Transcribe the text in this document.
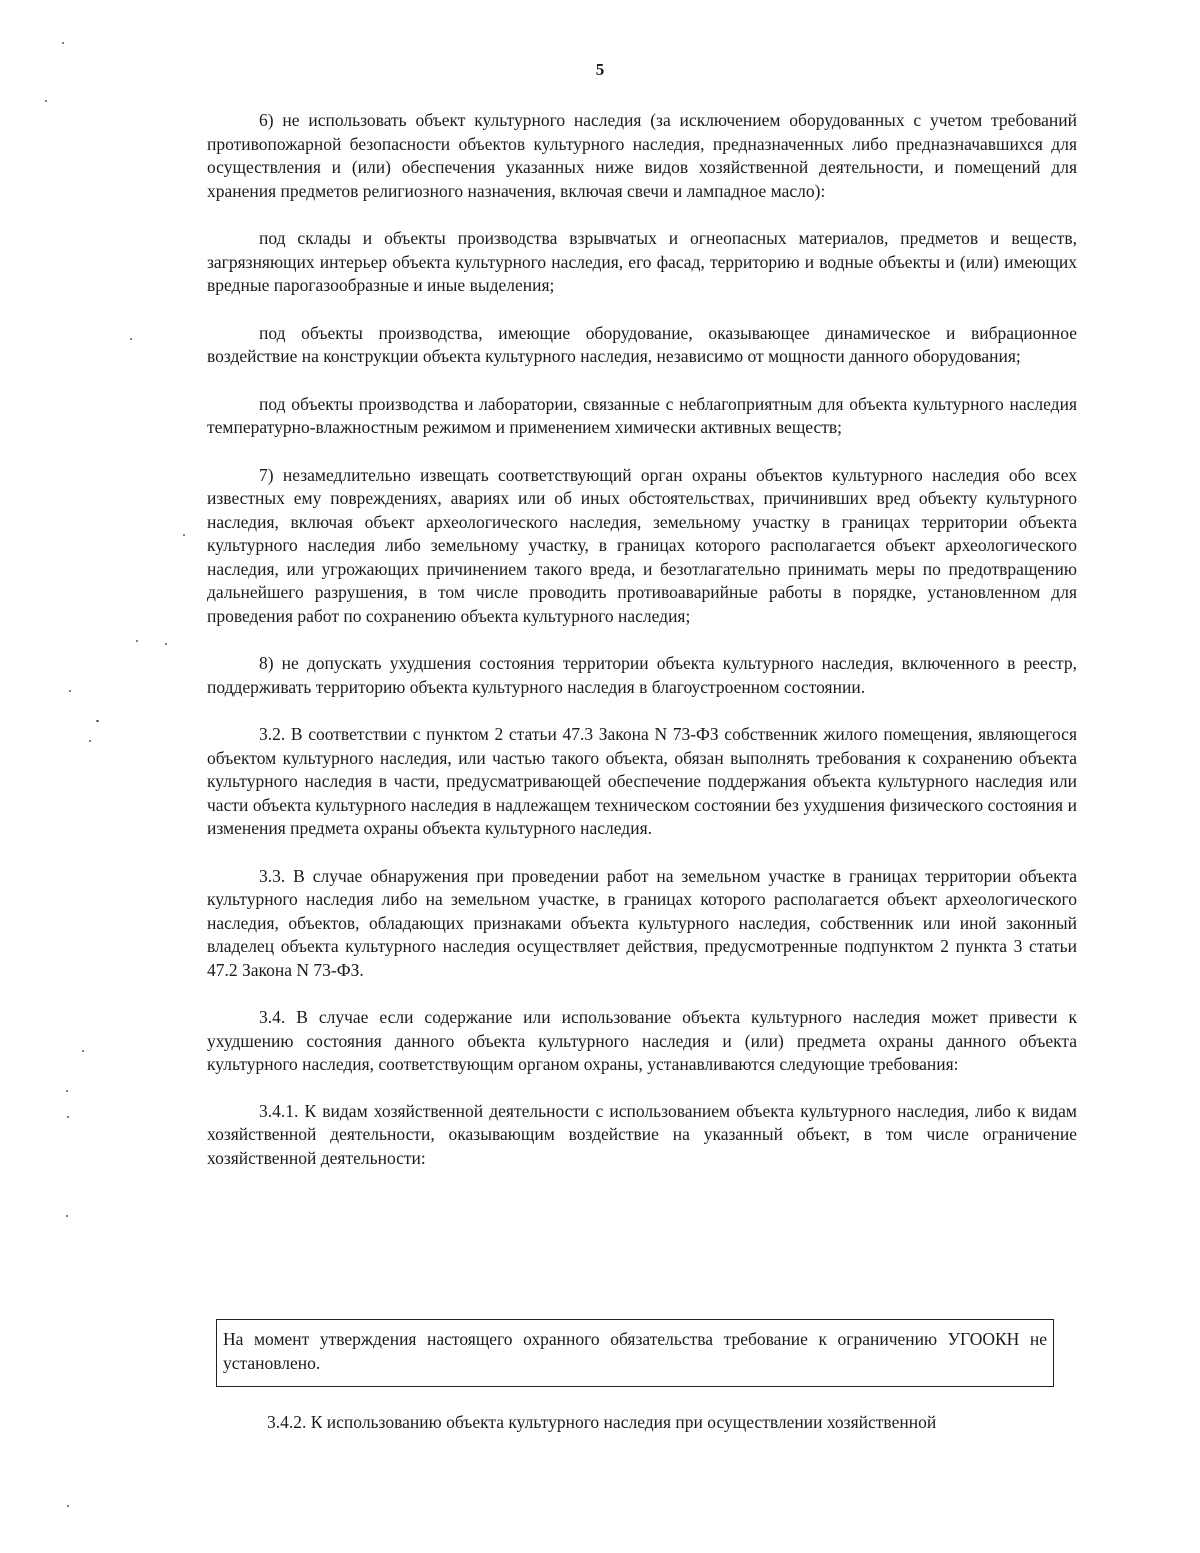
5

6) не использовать объект культурного наследия (за исключением оборудованных с учетом требований противопожарной безопасности объектов культурного наследия, предназначенных либо предназначавшихся для осуществления и (или) обеспечения указанных ниже видов хозяйственной деятельности, и помещений для хранения предметов религиозного назначения, включая свечи и лампадное масло):

под склады и объекты производства взрывчатых и огнеопасных материалов, предметов и веществ, загрязняющих интерьер объекта культурного наследия, его фасад, территорию и водные объекты и (или) имеющих вредные парогазообразные и иные выделения;

под объекты производства, имеющие оборудование, оказывающее динамическое и вибрационное воздействие на конструкции объекта культурного наследия, независимо от мощности данного оборудования;

под объекты производства и лаборатории, связанные с неблагоприятным для объекта культурного наследия температурно-влажностным режимом и применением химически активных веществ;

7) незамедлительно извещать соответствующий орган охраны объектов культурного наследия обо всех известных ему повреждениях, авариях или об иных обстоятельствах, причинивших вред объекту культурного наследия, включая объект археологического наследия, земельному участку в границах территории объекта культурного наследия либо земельному участку, в границах которого располагается объект археологического наследия, или угрожающих причинением такого вреда, и безотлагательно принимать меры по предотвращению дальнейшего разрушения, в том числе проводить противоаварийные работы в порядке, установленном для проведения работ по сохранению объекта культурного наследия;

8) не допускать ухудшения состояния территории объекта культурного наследия, включенного в реестр, поддерживать территорию объекта культурного наследия в благоустроенном состоянии.

3.2. В соответствии с пунктом 2 статьи 47.3 Закона N 73-ФЗ собственник жилого помещения, являющегося объектом культурного наследия, или частью такого объекта, обязан выполнять требования к сохранению объекта культурного наследия в части, предусматривающей обеспечение поддержания объекта культурного наследия или части объекта культурного наследия в надлежащем техническом состоянии без ухудшения физического состояния и изменения предмета охраны объекта культурного наследия.

3.3. В случае обнаружения при проведении работ на земельном участке в границах территории объекта культурного наследия либо на земельном участке, в границах которого располагается объект археологического наследия, объектов, обладающих признаками объекта культурного наследия, собственник или иной законный владелец объекта культурного наследия осуществляет действия, предусмотренные подпунктом 2 пункта 3 статьи 47.2 Закона N 73-ФЗ.

3.4. В случае если содержание или использование объекта культурного наследия может привести к ухудшению состояния данного объекта культурного наследия и (или) предмета охраны данного объекта культурного наследия, соответствующим органом охраны, устанавливаются следующие требования:

3.4.1. К видам хозяйственной деятельности с использованием объекта культурного наследия, либо к видам хозяйственной деятельности, оказывающим воздействие на указанный объект, в том числе ограничение хозяйственной деятельности:

На момент утверждения настоящего охранного обязательства требование к ограничению УГООКН не установлено.
3.4.2. К использованию объекта культурного наследия при осуществлении хозяйственной
